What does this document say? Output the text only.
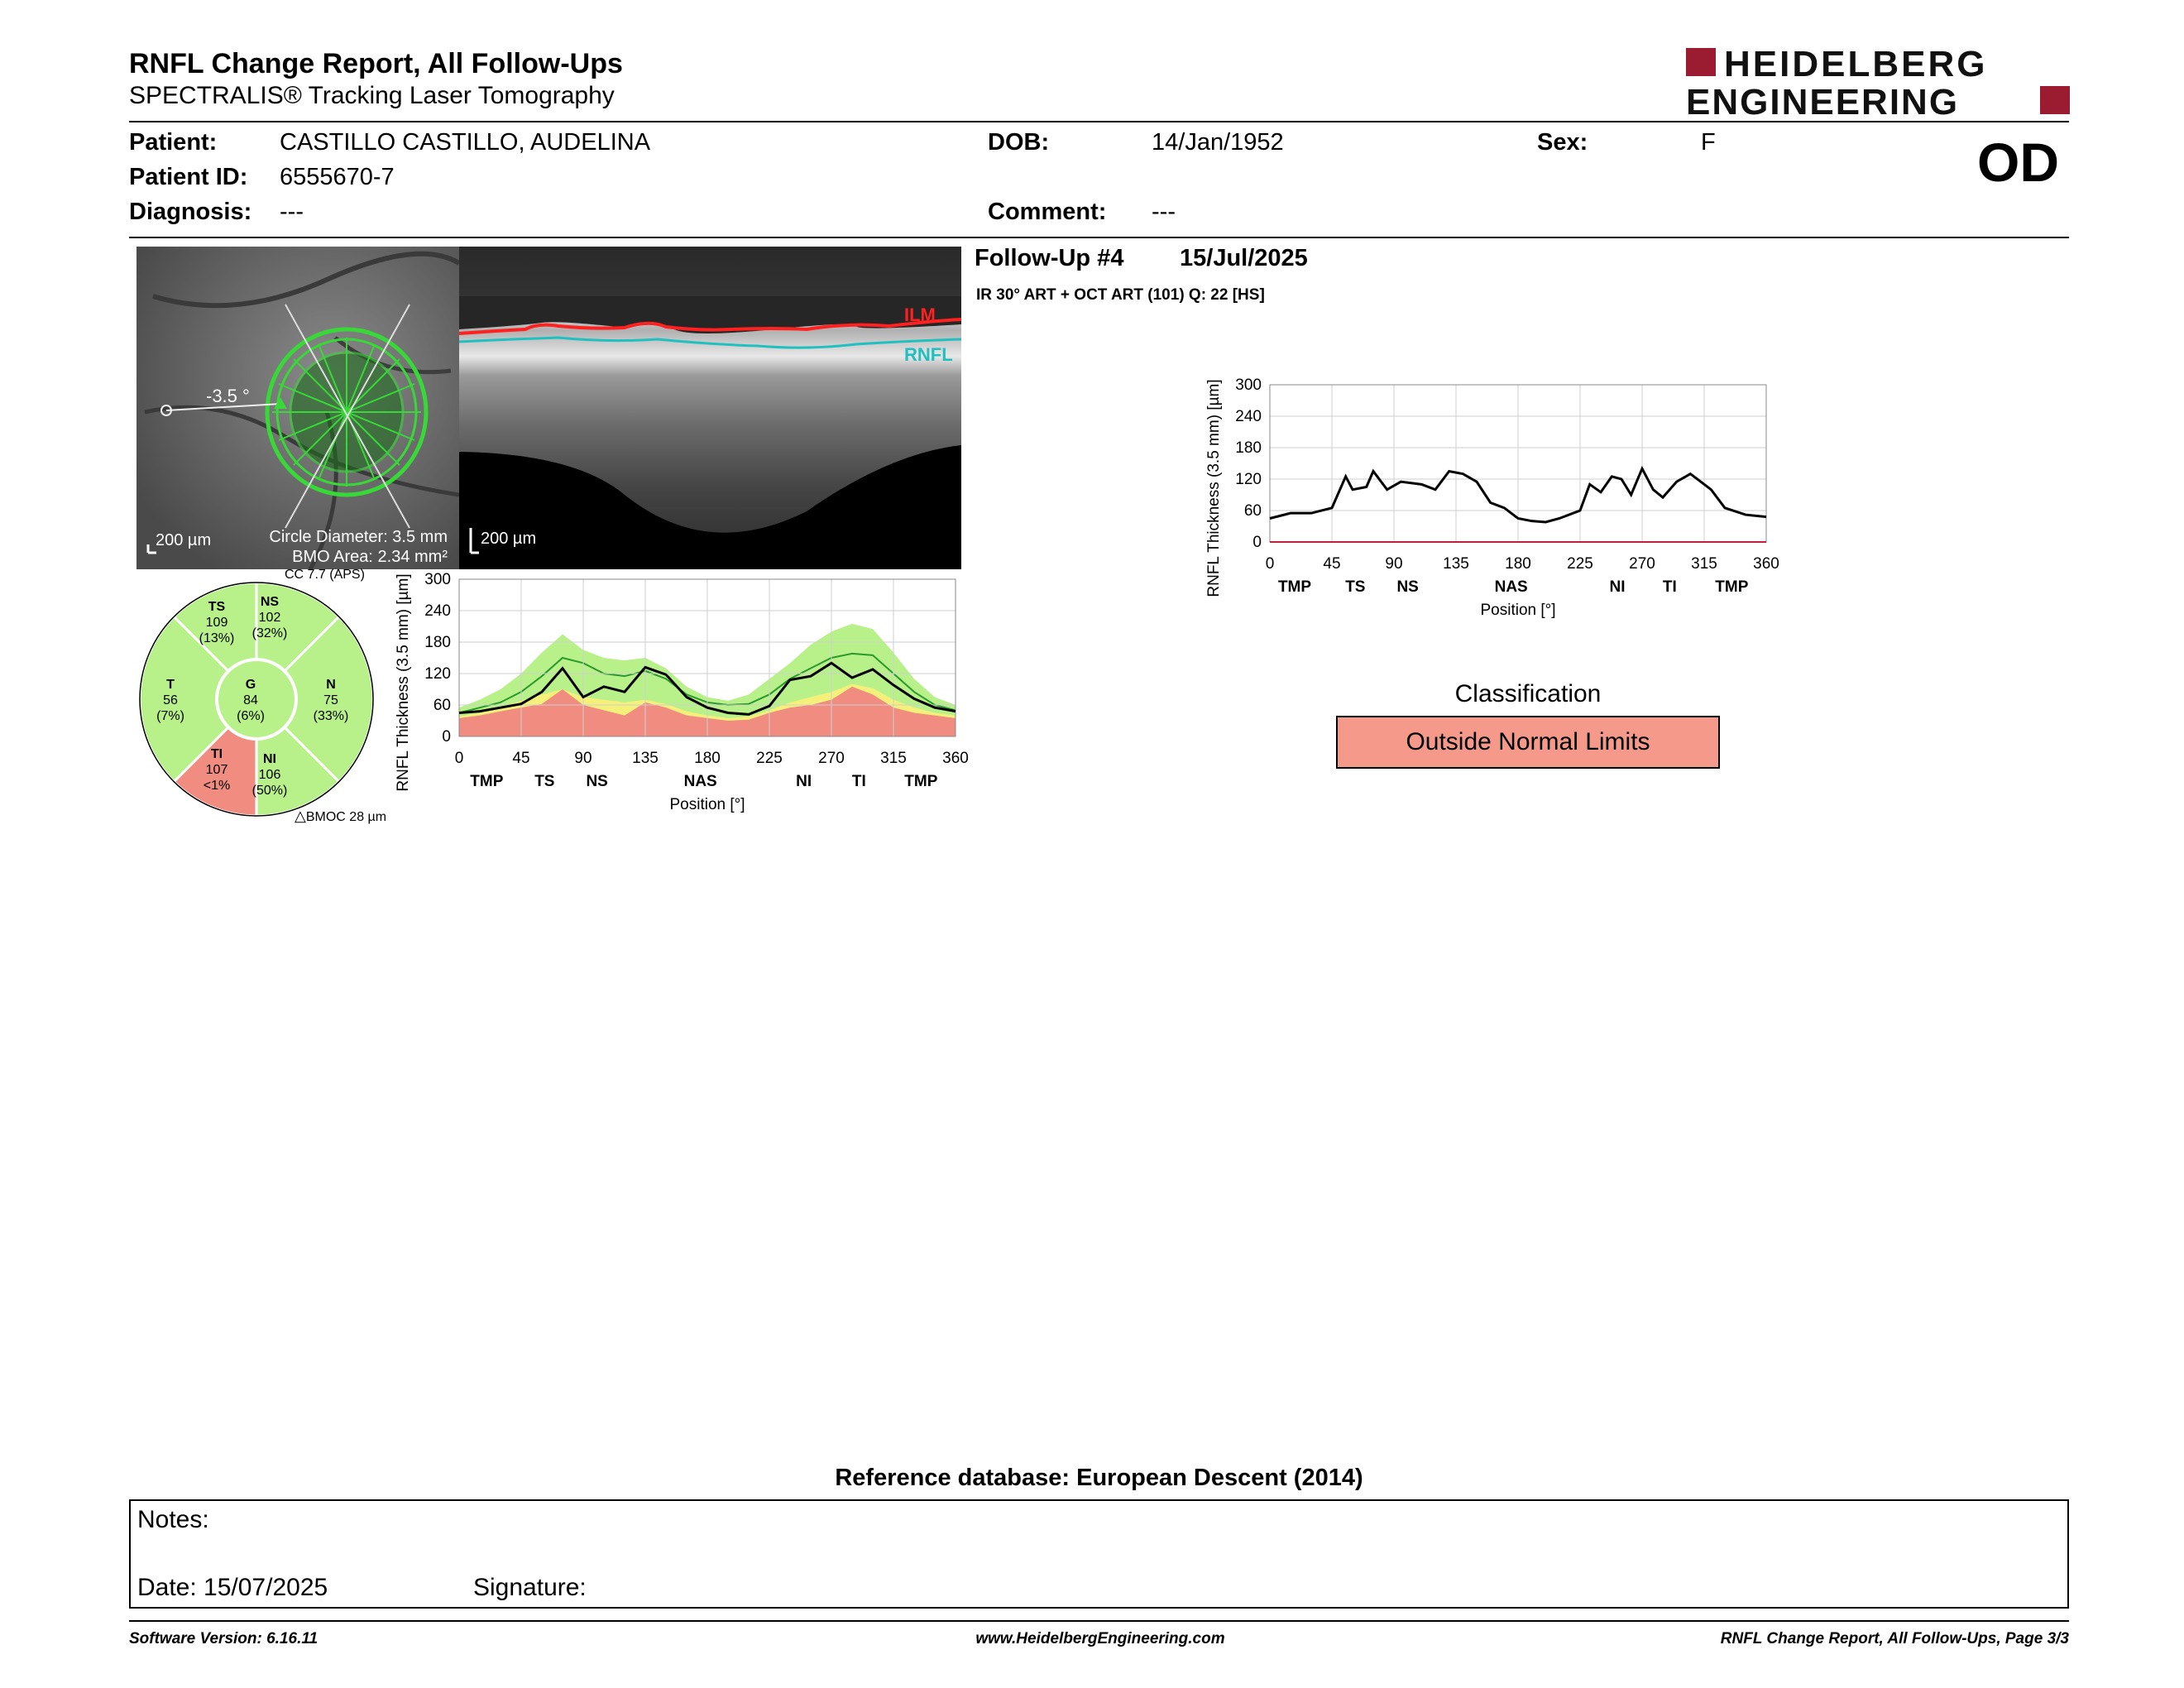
RNFL Change Report, All Follow-Ups
SPECTRALIS® Tracking Laser Tomography
HEIDELBERG
ENGINEERING
Patient:	CASTILLO CASTILLO, AUDELINA
Patient ID: 6555670-7
Diagnosis: ---
DOB:	14/Jan/1952
Comment: ---
Sex:	F	OD
-3.5 °
200 µm	Circle Diameter: 3.5 mm
BMO Area: 2.34 mm²
ILM
RNFL
200 µm
CC 7.7 (APS)
TS
109
(13%)
NS
102
(32%)
T
56
(7%)
G
84
(6%)
N
75
(33%)
TI
107
<1%
NI
106
(50%)
△BMOC 28 µm
0	45	90	135 180 225 270 315 360
0
60
120
180
240
300
TMP TS NS	NAS	NI	TI TMP
Position [°]
RNFL Thickness (3.5 mm) [µm]
Follow-Up #4 15/Jul/2025
IR 30° ART + OCT ART (101) Q: 22 [HS]
0	45	90	135 180 225 270 315 360
0
60
120
180
240
300
TMP TS NS	NAS	NI TI TMP
Position [°]
RNFL Thickness (3.5 mm) [µm]
Classification
Outside Normal Limits
Reference database: European Descent (2014)
Notes:
Date: 15/07/2025	Signature:
Software Version: 6.16.11	www.HeidelbergEngineering.com	RNFL Change Report, All Follow-Ups, Page 3/3
